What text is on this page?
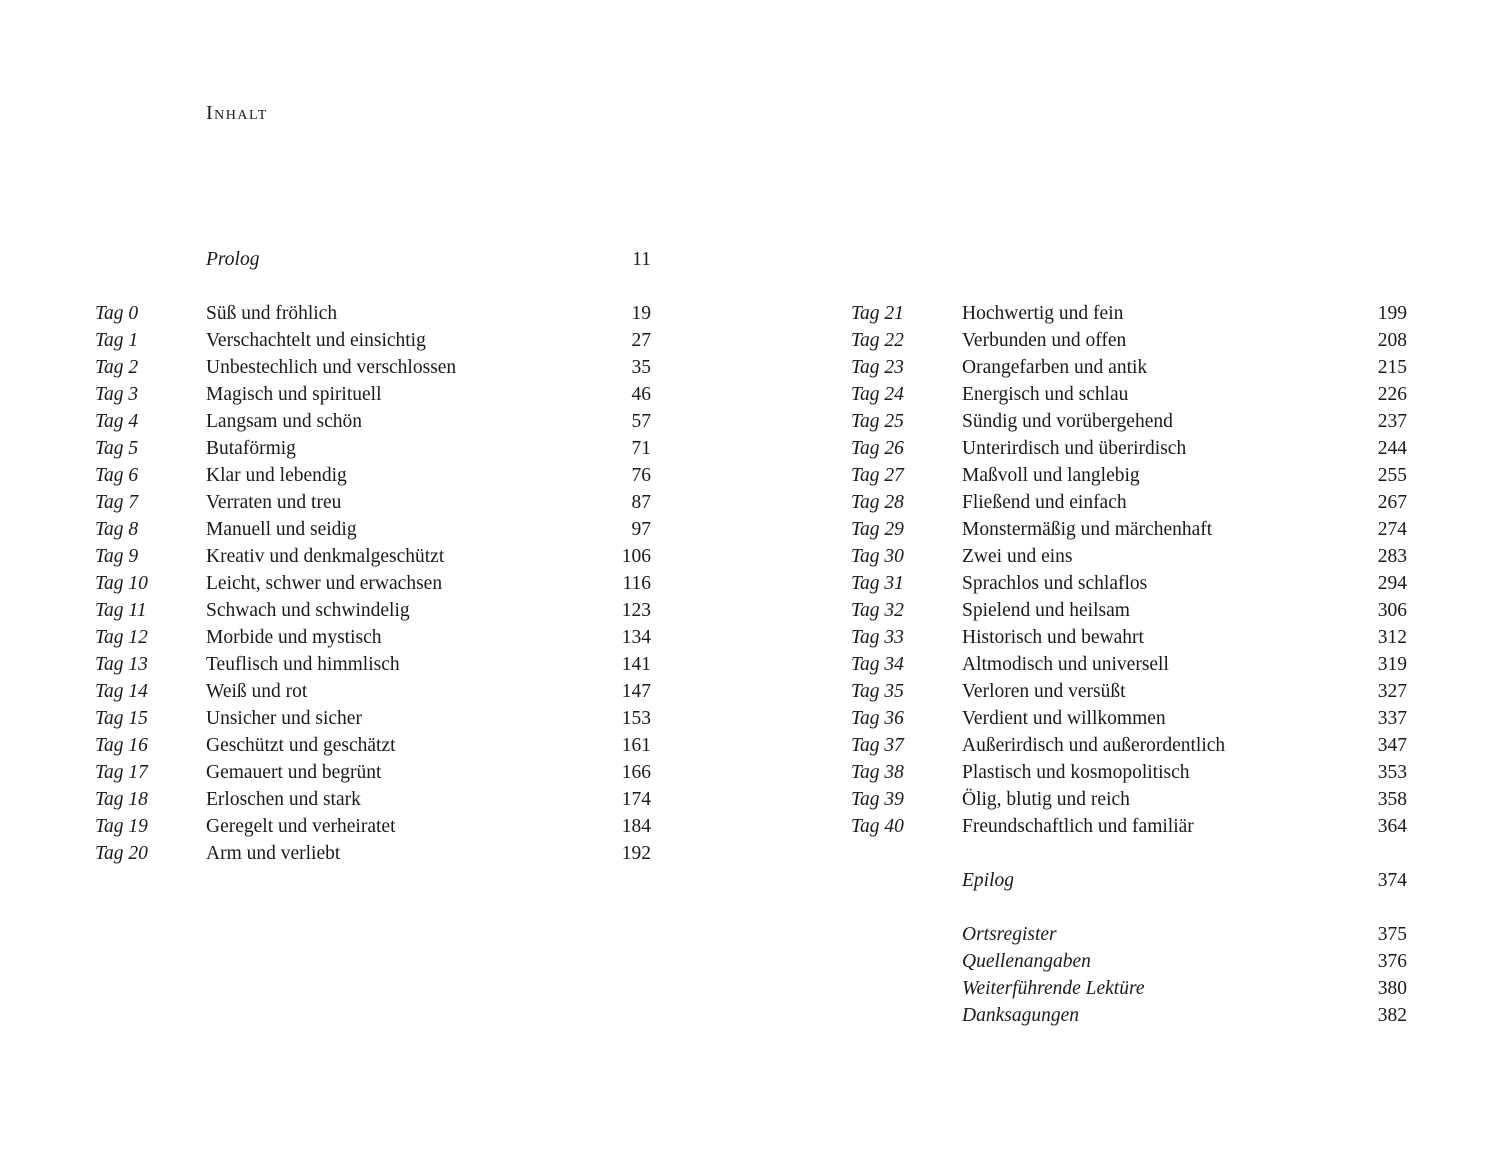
Inhalt
Prolog	11
Tag 0	Süß und fröhlich	19
Tag 1	Verschachtelt und einsichtig	27
Tag 2	Unbestechlich und verschlossen	35
Tag 3	Magisch und spirituell	46
Tag 4	Langsam und schön	57
Tag 5	Butaförmig	71
Tag 6	Klar und lebendig	76
Tag 7	Verraten und treu	87
Tag 8	Manuell und seidig	97
Tag 9	Kreativ und denkmalgeschützt	106
Tag 10	Leicht, schwer und erwachsen	116
Tag 11	Schwach und schwindelig	123
Tag 12	Morbide und mystisch	134
Tag 13	Teuflisch und himmlisch	141
Tag 14	Weiß und rot	147
Tag 15	Unsicher und sicher	153
Tag 16	Geschützt und geschätzt	161
Tag 17	Gemauert und begrünt	166
Tag 18	Erloschen und stark	174
Tag 19	Geregelt und verheiratet	184
Tag 20	Arm und verliebt	192
Tag 21	Hochwertig und fein	199
Tag 22	Verbunden und offen	208
Tag 23	Orangefarben und antik	215
Tag 24	Energisch und schlau	226
Tag 25	Sündig und vorübergehend	237
Tag 26	Unterirdisch und überirdisch	244
Tag 27	Maßvoll und langlebig	255
Tag 28	Fließend und einfach	267
Tag 29	Monstermäßig und märchenhaft	274
Tag 30	Zwei und eins	283
Tag 31	Sprachlos und schlaflos	294
Tag 32	Spielend und heilsam	306
Tag 33	Historisch und bewahrt	312
Tag 34	Altmodisch und universell	319
Tag 35	Verloren und versüßt	327
Tag 36	Verdient und willkommen	337
Tag 37	Außerirdisch und außerordentlich	347
Tag 38	Plastisch und kosmopolitisch	353
Tag 39	Ölig, blutig und reich	358
Tag 40	Freundschaftlich und familiär	364
Epilog	374
Ortsregister	375
Quellenangaben	376
Weiterführende Lektüre	380
Danksagungen	382
